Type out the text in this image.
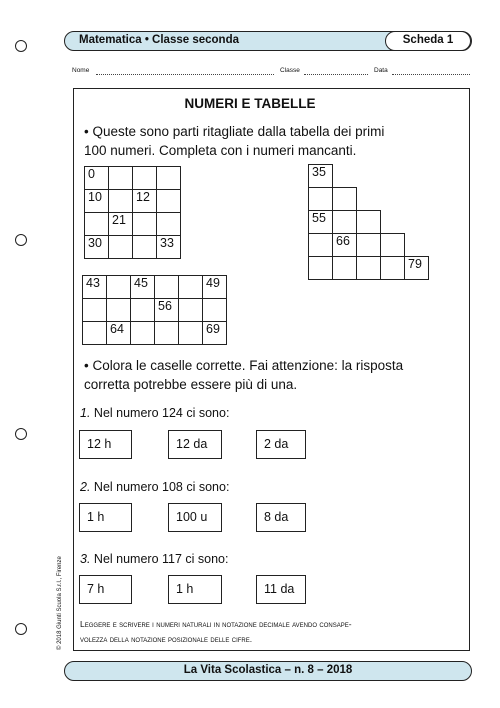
Matematica • Classe seconda	Scheda 1
Nome	Classe	Data
NUMERI E TABELLE
• Queste sono parti ritagliate dalla tabella dei primi
100 numeri. Completa con i numeri mancanti.
0			
10		12	
	21		
30			33
43		45			49
			56		
	64				69
35				

55				
	66			
				79
• Colora le caselle corrette. Fai attenzione: la risposta
corretta potrebbe essere più di una.
1. Nel numero 124 ci sono:
12 h	12 da	2 da
2. Nel numero 108 ci sono:
1 h	100 u	8 da
3. Nel numero 117 ci sono:
7 h	1 h	11 da
Leggere e scrivere i numeri naturali in notazione decimale avendo consape-
volezza della notazione posizionale delle cifre.
© 2018 Giunti Scuola S.r.l., Firenze
La Vita Scolastica – n. 8 – 2018
